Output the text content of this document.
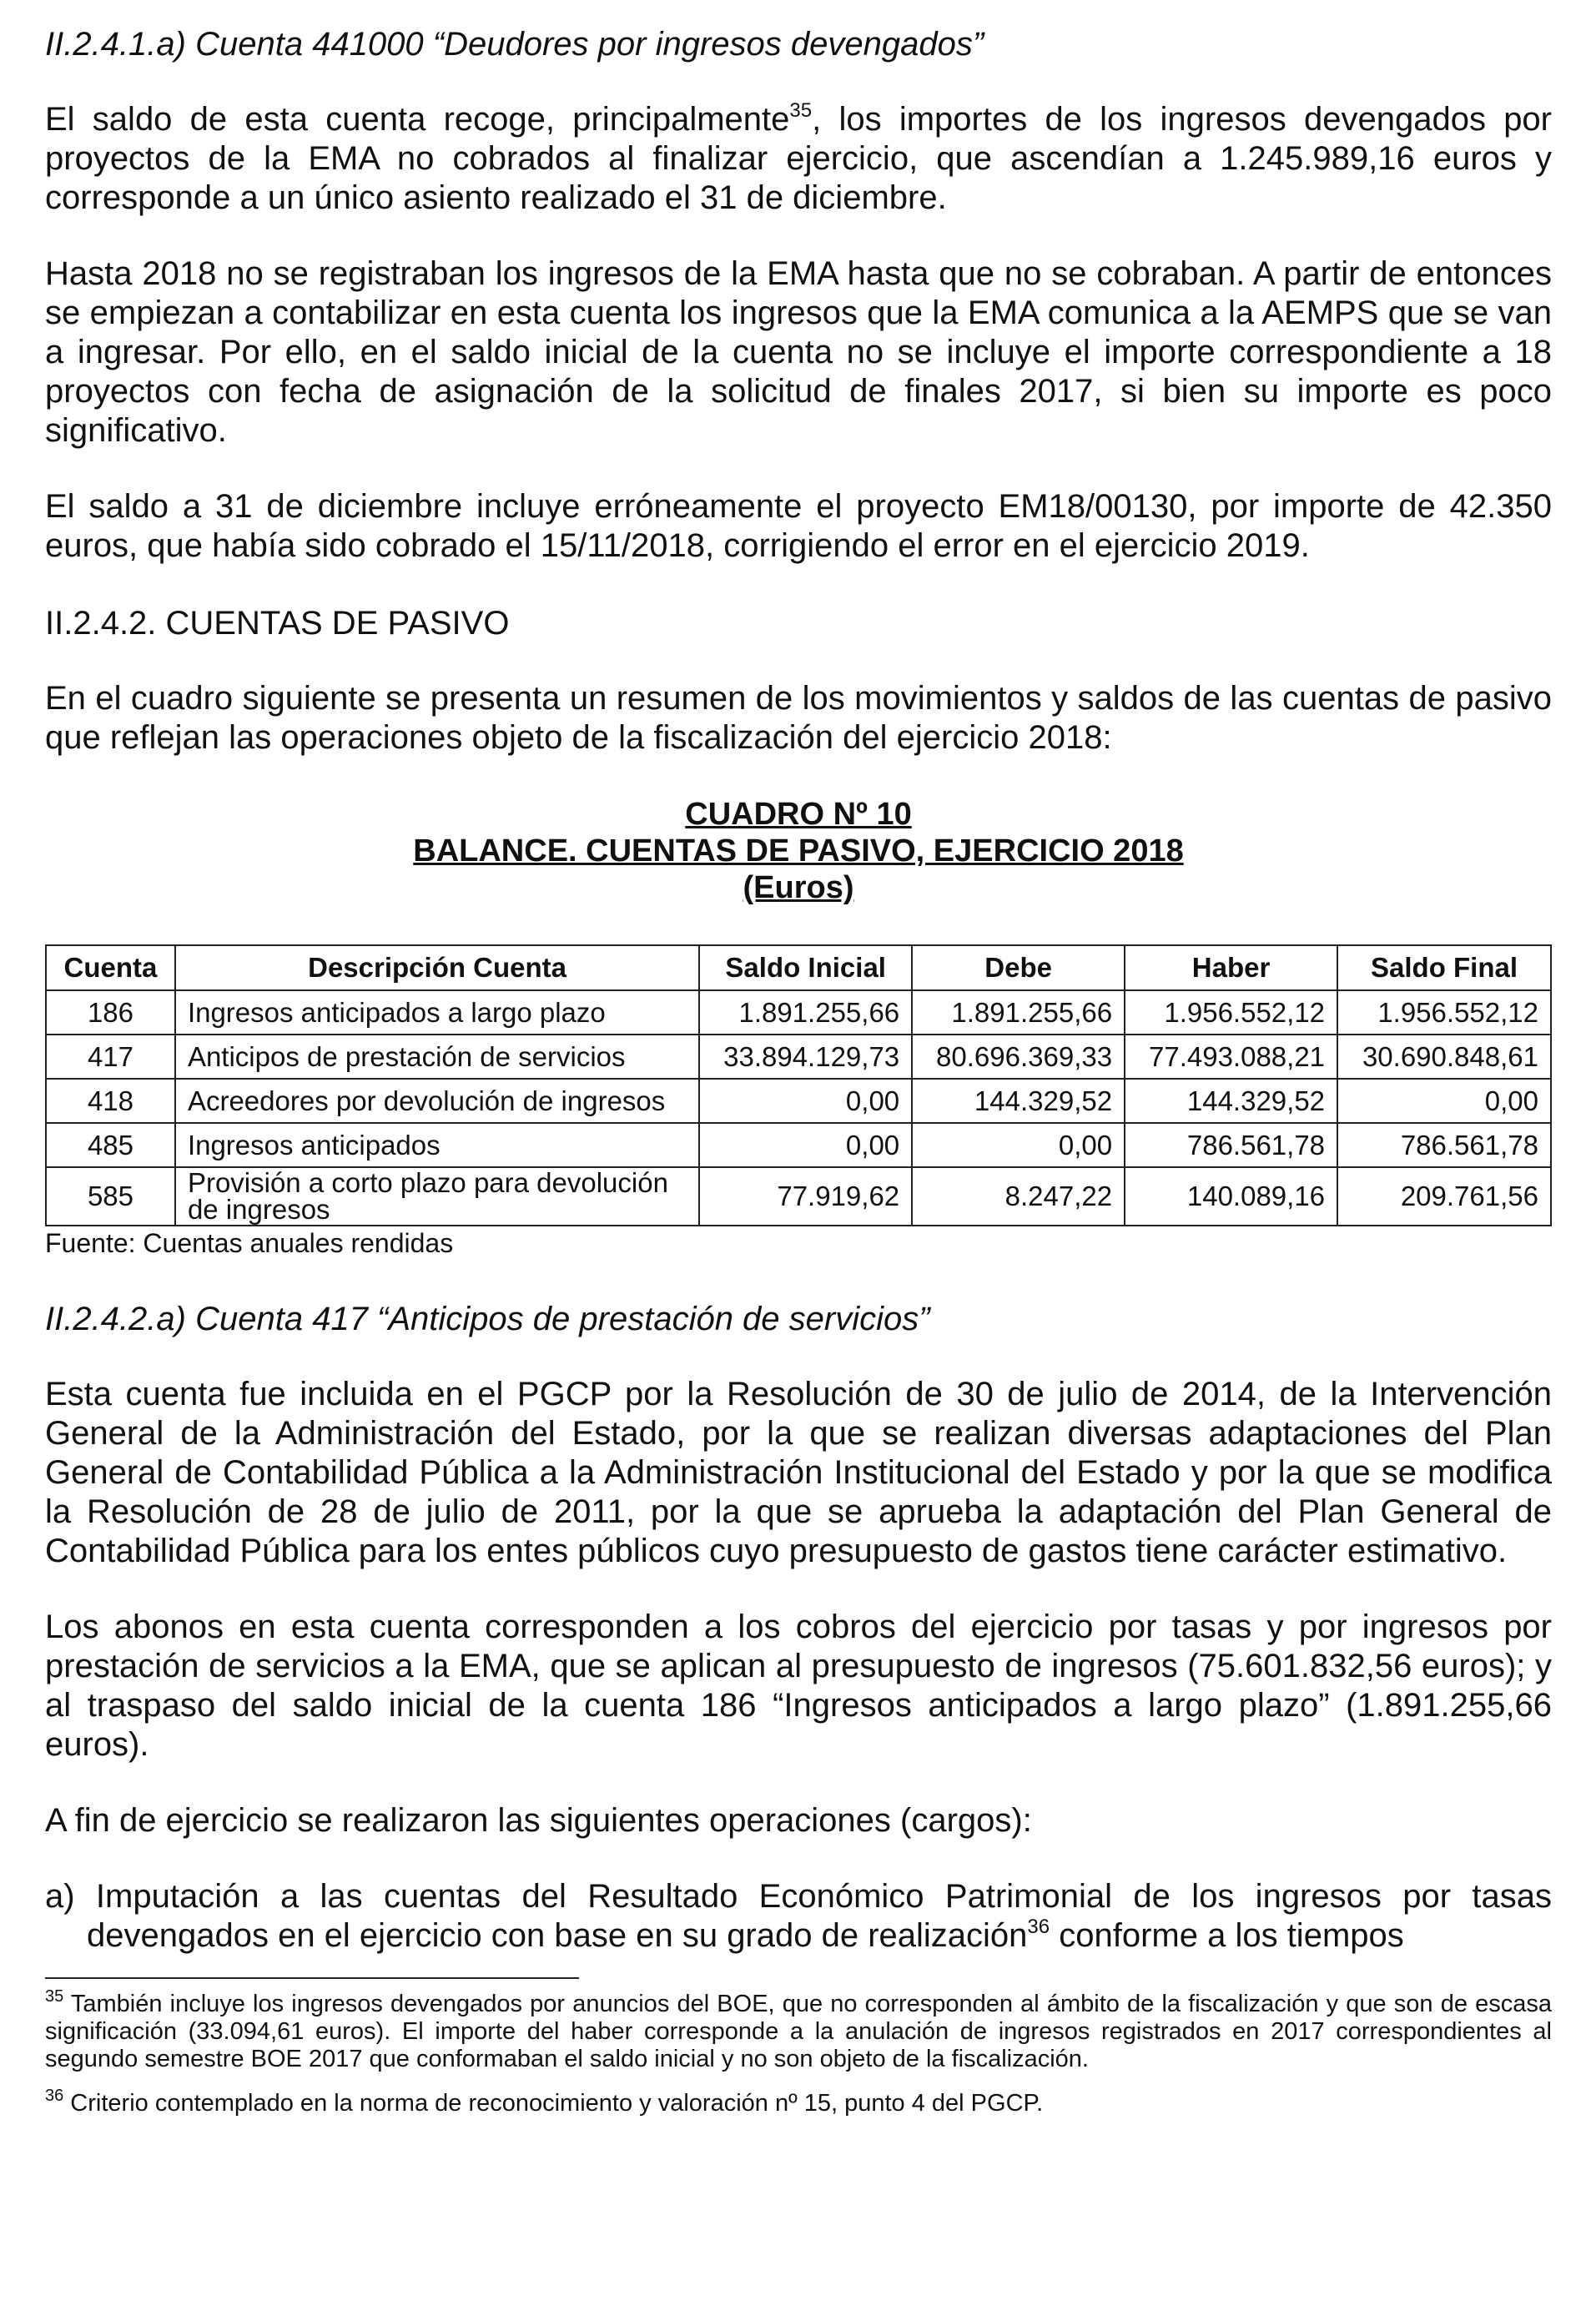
II.2.4.1.a) Cuenta 441000 “Deudores por ingresos devengados”

El saldo de esta cuenta recoge, principalmente$^{35}$, los importes de los ingresos devengados por proyectos de la EMA no cobrados al finalizar ejercicio, que ascendían a 1.245.989,16 euros y corresponde a un único asiento realizado el 31 de diciembre.

Hasta 2018 no se registraban los ingresos de la EMA hasta que no se cobraban. A partir de entonces se empiezan a contabilizar en esta cuenta los ingresos que la EMA comunica a la AEMPS que se van a ingresar. Por ello, en el saldo inicial de la cuenta no se incluye el importe correspondiente a 18 proyectos con fecha de asignación de la solicitud de finales 2017, si bien su importe es poco significativo.

El saldo a 31 de diciembre incluye erróneamente el proyecto EM18/00130, por importe de 42.350 euros, que había sido cobrado el 15/11/2018, corrigiendo el error en el ejercicio 2019.

II.2.4.2. CUENTAS DE PASIVO

En el cuadro siguiente se presenta un resumen de los movimientos y saldos de las cuentas de pasivo que reflejan las operaciones objeto de la fiscalización del ejercicio 2018:

CUADRO Nº 10
BALANCE. CUENTAS DE PASIVO, EJERCICIO 2018
(Euros)
Cuenta	Descripción Cuenta	Saldo Inicial	Debe	Haber	Saldo Final
186	Ingresos anticipados a largo plazo	1.891.255,66	1.891.255,66	1.956.552,12	1.956.552,12
417	Anticipos de prestación de servicios	33.894.129,73	80.696.369,33	77.493.088,21	30.690.848,61
418	Acreedores por devolución de ingresos	0,00	144.329,52	144.329,52	0,00
485	Ingresos anticipados	0,00	0,00	786.561,78	786.561,78
585	Provisión a corto plazo para devolución de ingresos	77.919,62	8.247,22	140.089,16	209.761,56

Fuente: Cuentas anuales rendidas

II.2.4.2.a) Cuenta 417 “Anticipos de prestación de servicios”

Esta cuenta fue incluida en el PGCP por la Resolución de 30 de julio de 2014, de la Intervención General de la Administración del Estado, por la que se realizan diversas adaptaciones del Plan General de Contabilidad Pública a la Administración Institucional del Estado y por la que se modifica la Resolución de 28 de julio de 2011, por la que se aprueba la adaptación del Plan General de Contabilidad Pública para los entes públicos cuyo presupuesto de gastos tiene carácter estimativo.

Los abonos en esta cuenta corresponden a los cobros del ejercicio por tasas y por ingresos por prestación de servicios a la EMA, que se aplican al presupuesto de ingresos (75.601.832,56 euros); y al traspaso del saldo inicial de la cuenta 186 “Ingresos anticipados a largo plazo” (1.891.255,66 euros).

A fin de ejercicio se realizaron las siguientes operaciones (cargos):

a) Imputación a las cuentas del Resultado Económico Patrimonial de los ingresos por tasas devengados en el ejercicio con base en su grado de realización$^{36}$ conforme a los tiempos

$^{35}$ También incluye los ingresos devengados por anuncios del BOE, que no corresponden al ámbito de la fiscalización y que son de escasa significación (33.094,61 euros). El importe del haber corresponde a la anulación de ingresos registrados en 2017 correspondientes al segundo semestre BOE 2017 que conformaban el saldo inicial y no son objeto de la fiscalización.

$^{36}$ Criterio contemplado en la norma de reconocimiento y valoración nº 15, punto 4 del PGCP.
